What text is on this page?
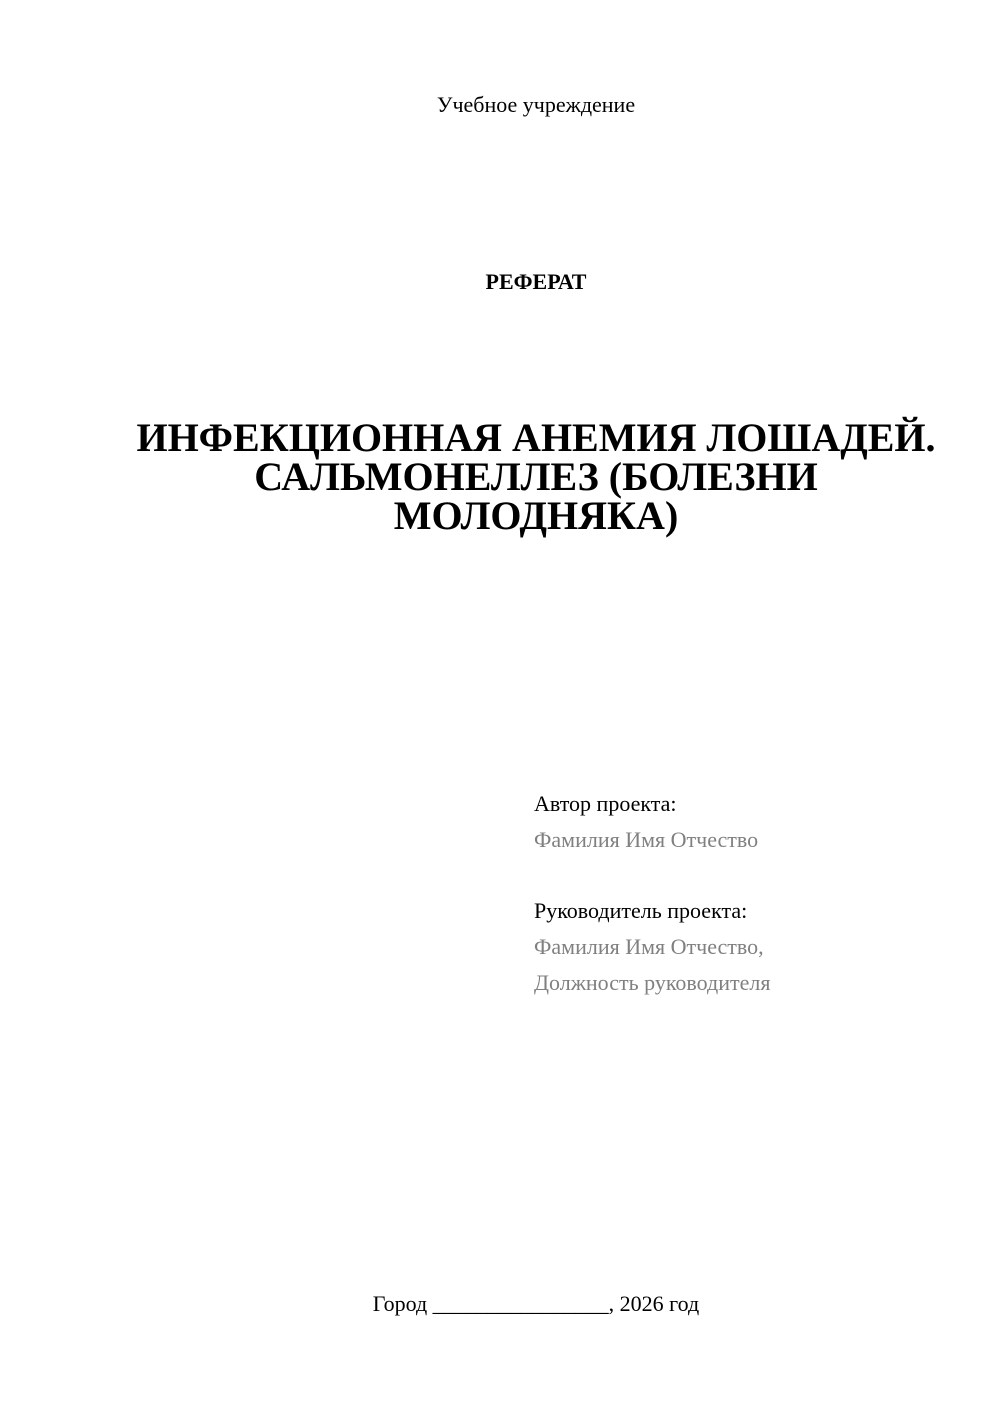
Учебное учреждение
РЕФЕРАТ
ИНФЕКЦИОННАЯ АНЕМИЯ ЛОШАДЕЙ.
САЛЬМОНЕЛЛЕЗ (БОЛЕЗНИ
МОЛОДНЯКА)
Автор проекта:
Фамилия Имя Отчество
Руководитель проекта:
Фамилия Имя Отчество,
Должность руководителя
Город ________________, 2026 год
